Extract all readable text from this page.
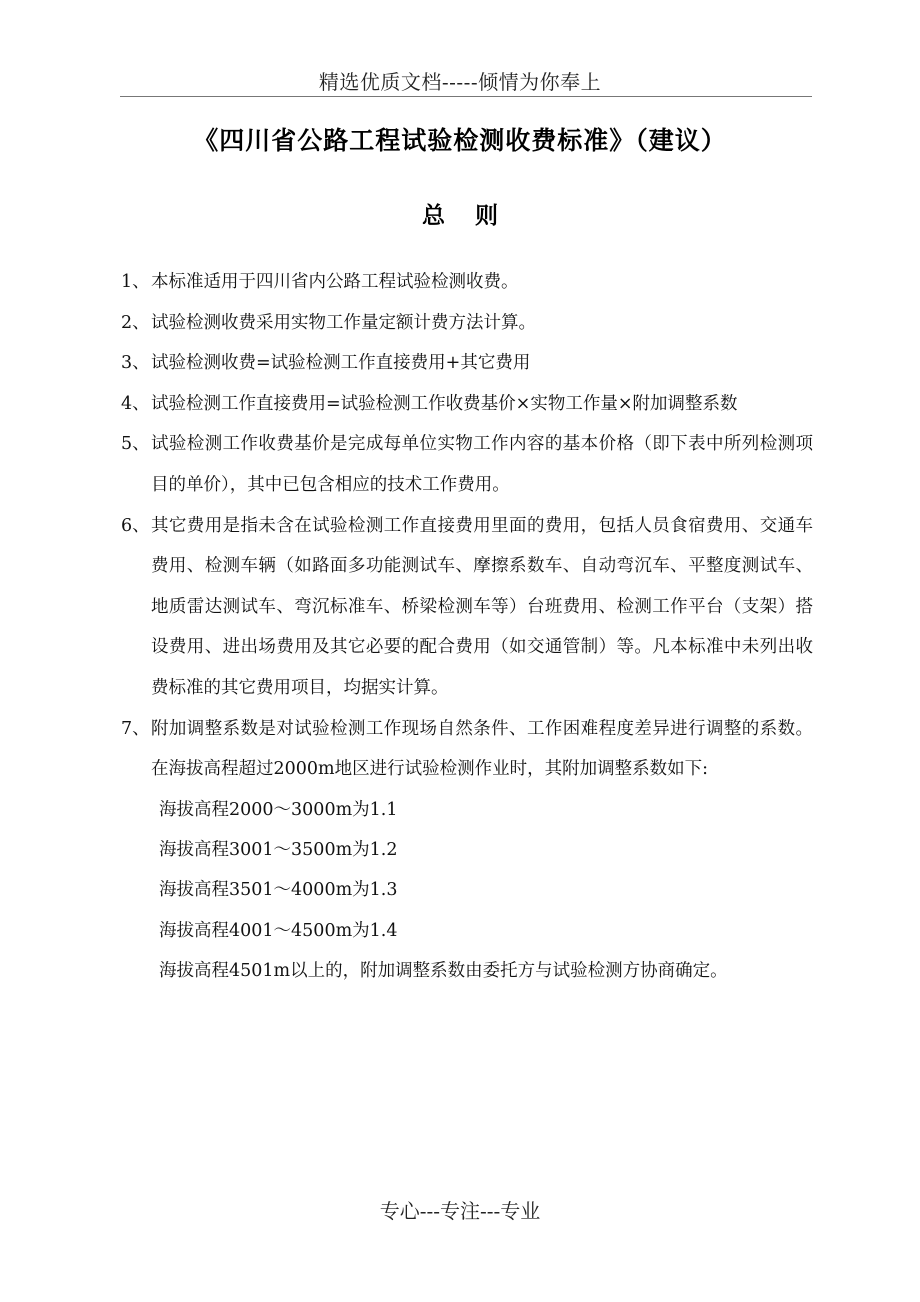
精选优质文档-----倾情为你奉上
《四川省公路工程试验检测收费标准》（建议）
总 则
1、 本标准适用于四川省内公路工程试验检测收费。
2、 试验检测收费采用实物工作量定额计费方法计算。
3、 试验检测收费=试验检测工作直接费用+其它费用
4、 试验检测工作直接费用=试验检测工作收费基价×实物工作量×附加调整系数
5、 试验检测工作收费基价是完成每单位实物工作内容的基本价格（即下表中所列检测项目的单价），其中已包含相应的技术工作费用。
6、 其它费用是指未含在试验检测工作直接费用里面的费用，包括人员食宿费用、交通车费用、检测车辆（如路面多功能测试车、摩擦系数车、自动弯沉车、平整度测试车、地质雷达测试车、弯沉标准车、桥梁检测车等）台班费用、检测工作平台（支架）搭设费用、进出场费用及其它必要的配合费用（如交通管制）等。凡本标准中未列出收费标准的其它费用项目，均据实计算。
7、 附加调整系数是对试验检测工作现场自然条件、工作困难程度差异进行调整的系数。在海拔高程超过2000m地区进行试验检测作业时，其附加调整系数如下:
海拔高程2000～3000m为1.1
海拔高程3001～3500m为1.2
海拔高程3501～4000m为1.3
海拔高程4001～4500m为1.4
海拔高程4501m以上的，附加调整系数由委托方与试验检测方协商确定。
专心---专注---专业
